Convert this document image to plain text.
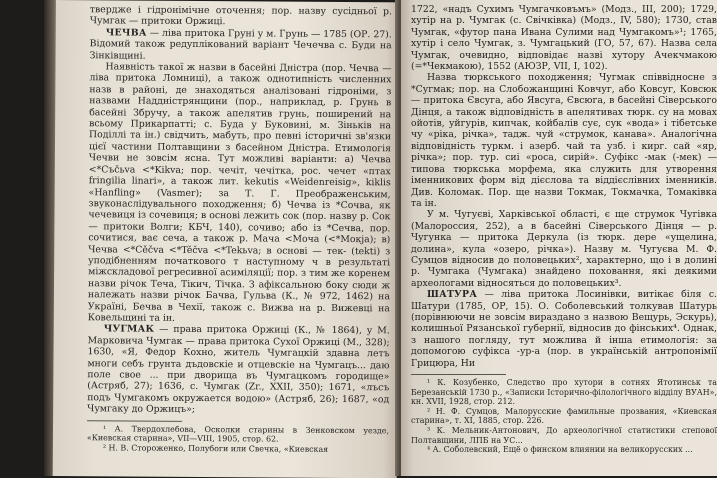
твердже і гідронімічне оточення; пор. назву сусідньої р. Чумгак — притоки Оржиці.

ЧЕЧВА — ліва притока Груні у м. Грунь — 1785 (ОР. 27). Відомий також редуплікований варіант Чечечва с. Буди на Зінківщині.

Наявність такої ж назви в басейні Дністра (пор. Чечва — ліва притока Ломниці), а також однотипність численних назв в районі, де знаходяться аналізовані гідроніми, з назвами Наддністрянщини (пор., наприклад, р. Грунь в басейні Збручу, а також апелятив грунь, поширений на всьому Прикарпатті; с. Буда у Буковині, м. Зіньків на Поділлі та ін.) свідчить, мабуть, про певні історичні зв'язки цієї частини Полтавщини з басейном Дністра. Етимологія Чечви не зовсім ясна. Тут можливі варіанти: а) Чечва <*Съčьva <*Kikva; пор. чечіт, чечітка, рос. чечет «птах fringilia linari», а також лит. kekutis «Weidenreisig», kiklis «Hanfling» (Vasmer); за Т. Г. Преображенським, звуконаслідувального походження; б) Чечва із *Сочва, як чечевиця із сочевиця; в основі лежить сок (пор. назву р. Сок — притоки Волги; КБЧ, 140), сочиво; або із *Сечва, пор. сочитися, ває сеча, а також р. Мача <Моча (<*Мокја); в) Чечва <*Cěčva <*Těčva <*Tekьva; в основі — тек- (tekti) з уподібненням початкового т наступному ч в результаті міжскладової регресивної асиміляції; пор. з тим же коренем назви річок Теча, Тікич, Тічка. З афіксальною боку сюди ж належать назви річок Бачва, Гульва (К., № 972, 1462) на Україні, Бечва в Чехії, також с. Вижва на р. Вижевці на Ковельщині та ін.

ЧУГМАК — права притока Оржиці (К., № 1864), у М. Марковича Чумгак — права притока Сухої Оржиці (М., 328); 1630, «Я, Федор Кохно, житель Чумгацкій здавна летъ многи себъ грунта дъдовскіе и отцевскіе на Чумгацъ... даю поле свое ... при дворища въ Чумгацкомъ городище» (Астряб, 27); 1636, с. Чумгак (Zr., XXII, 350); 1671, «лъсъ подъ Чумгакомъ окружается водою» (Астряб, 26); 1687, «од Чумгаку до Оржицъ»;

¹ А. Твердохлебова, Осколки старины в Зенковском уезде, «Киевская старина», VII—VIII, 1905, стор. 62.

² Н. В. Стороженко, Полубоги или Свечка, «Киевская

1722, «надъ Сухимъ Чумгачковъмъ» (Модз., III, 200); 1729, хутір на р. Чумгак (с. Свічківка) (Модз., IV, 580); 1730, став Чумгак, «футор пана Ивана Сулими над Чумгакомъ»¹; 1765, хутір і село Чумгак, з. Чумгацький (ГО, 57, 67). Назва села Чумгак, очевидно, відповідає назві хутору Ачекчмакою (=*Чекмакою), 1552 (АЮЗР, VII, I, 102).

Назва тюркського походження; Чугмак співвідносне з *Сугмак; пор. на Слобожанщині Ковчуг, або Ковсуг, Ковсюк — притока Євсуга, або Явсуга, Євсюга, в басейні Сіверського Дінця, а також відповідність в апелятивах тюрк. су на мовах ойотів, уйгурів, кипчак, койбалів сує, сук «вода» і тібетське чу «ріка, річка», тадж. чуй «струмок, канава». Аналогічна відповідність туркм. і азерб. чай та узб. і кирг. сай «яр, річка»; пор. тур. сиі «роса, сирій». Суфікс -мак (-мек) — типова тюркська морфема, яка служить для утворення іменникових форм від дієслова та віддієслівних іменників. Див. Коломак. Пор. ще назви Токмак, Токмачка, Томаківка та ін.

У м. Чугуєві, Харківської області, є ще струмок Чугівка (Малороссия, 252), а в басейні Сіверського Дінця — р. Чугунка — притока Деркула (із тюрк. дере «ущелина, долина», кула «озеро, річка»). Назву м. Чугуєва М. Ф. Сумцов відносив до половецьких², характерно, що і в долині р. Чумгака (Чумгака) знайдено поховання, які деякими археологами відносяться до половецьких³.

ШАТУРА — ліва притока Лосинівки, витікає біля с. Шатури (1785, ОР, 15). О. Соболевський толкував Шатурь (порівнюючи не зовсім вираздано з назвою Вещурь, Эскурь), колишньої Рязанської губернії, відносив до фінських⁴. Однак, з нашого погляду, тут можлива й інша етимологія: за допомогою суфікса -ур-а (пор. в українській антропонімії Грицюра, Ни

¹ К. Козубенко, Следство про хутори в сотнях Ятотинськ та Березанській 1730 р., «Записки Історично-філологічного відділу ВУАН», кн. XVII, 1928, стор. 212.

² Н. Ф. Сумцов, Малорусские фамильные прозвания, «Киевская старина», т. XI, 1885, стор. 226.

³ К. Мельник-Антонович, До археологічної статистики степової Полтавщини, ЛПБ на УС...

⁴ А. Соболевский, Ещё о финском влиянии на великорусских ...
